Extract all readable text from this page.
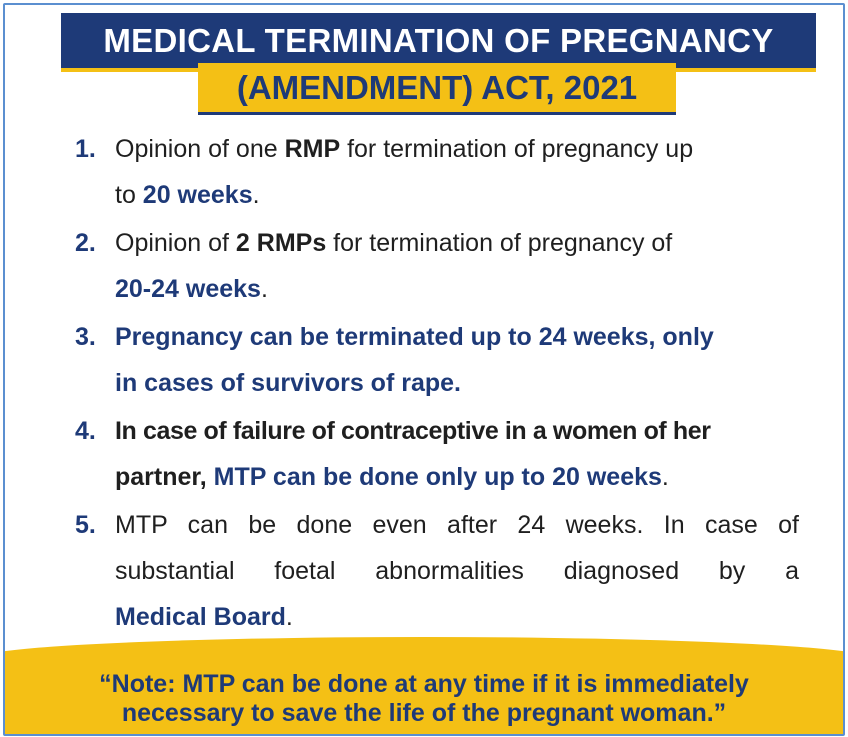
MEDICAL TERMINATION OF PREGNANCY
(AMENDMENT) ACT, 2021
1. Opinion of one RMP for termination of pregnancy up
to 20 weeks.
2. Opinion of 2 RMPs for termination of pregnancy of
20-24 weeks.
3. Pregnancy can be terminated up to 24 weeks, only
in cases of survivors of rape.
4. In case of failure of contraceptive in a women of her
partner, MTP can be done only up to 20 weeks.
5. MTP can be done even after 24 weeks. In case of
substantial foetal abnormalities diagnosed by a
Medical Board.
“Note: MTP can be done at any time if it is immediately
necessary to save the life of the pregnant woman.”
